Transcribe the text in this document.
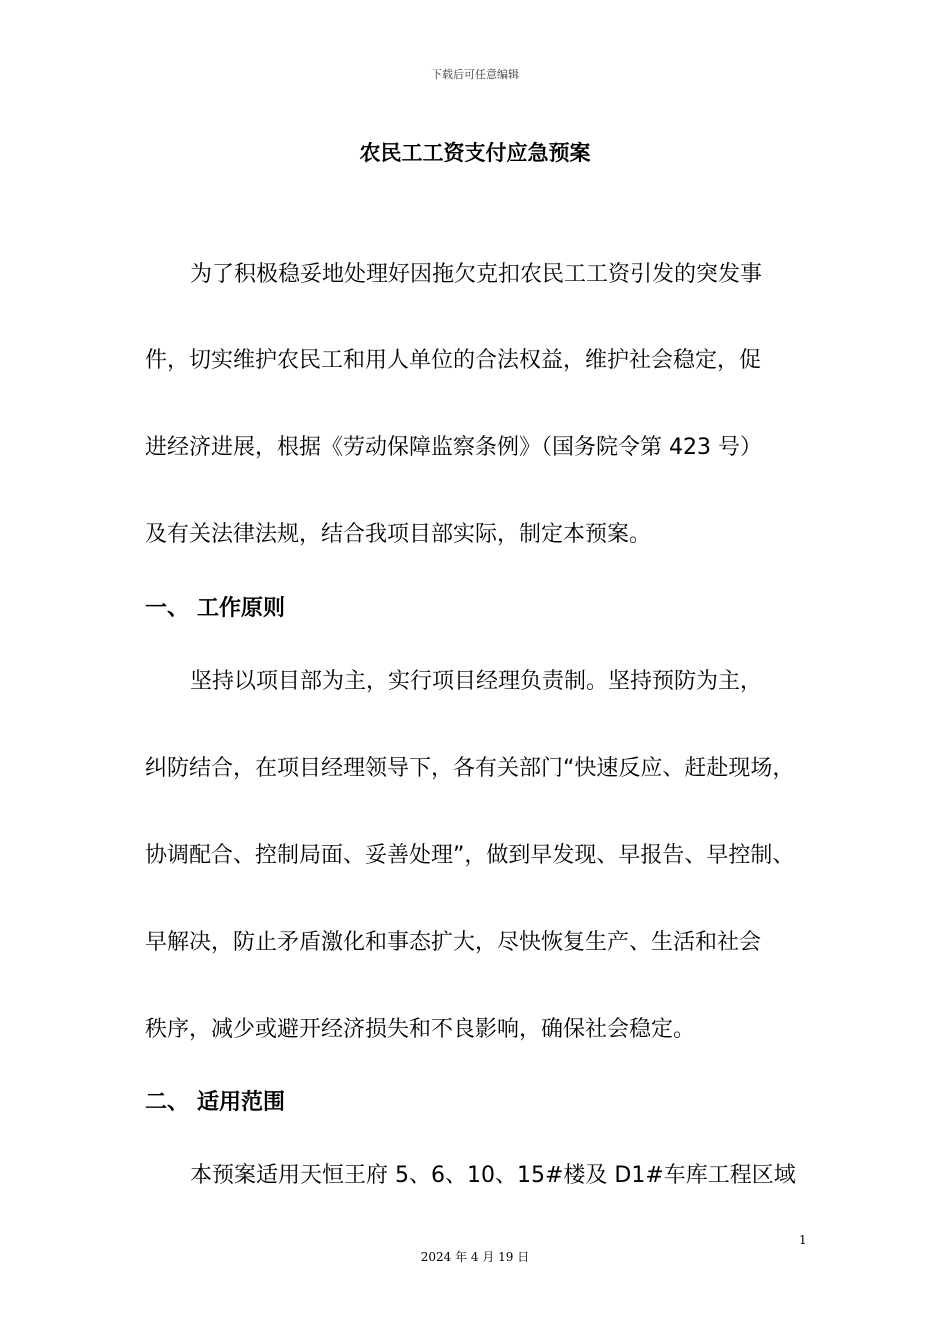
下载后可任意编辑
农民工工资支付应急预案
为了积极稳妥地处理好因拖欠克扣农民工工资引发的突发事
件，切实维护农民工和用人单位的合法权益，维护社会稳定，促
进经济进展，根据《劳动保障监察条例》（国务院令第 423 号）
及有关法律法规，结合我项目部实际，制定本预案。
一、 工作原则
坚持以项目部为主，实行项目经理负责制。坚持预防为主，
纠防结合，在项目经理领导下，各有关部门“快速反应、赶赴现场，
协调配合、控制局面、妥善处理”，做到早发现、早报告、早控制、
早解决，防止矛盾激化和事态扩大，尽快恢复生产、生活和社会
秩序，减少或避开经济损失和不良影响，确保社会稳定。
二、 适用范围
本预案适用天恒王府 5、6、10、15#楼及 D1#车库工程区域
1
2024 年 4 月 19 日
